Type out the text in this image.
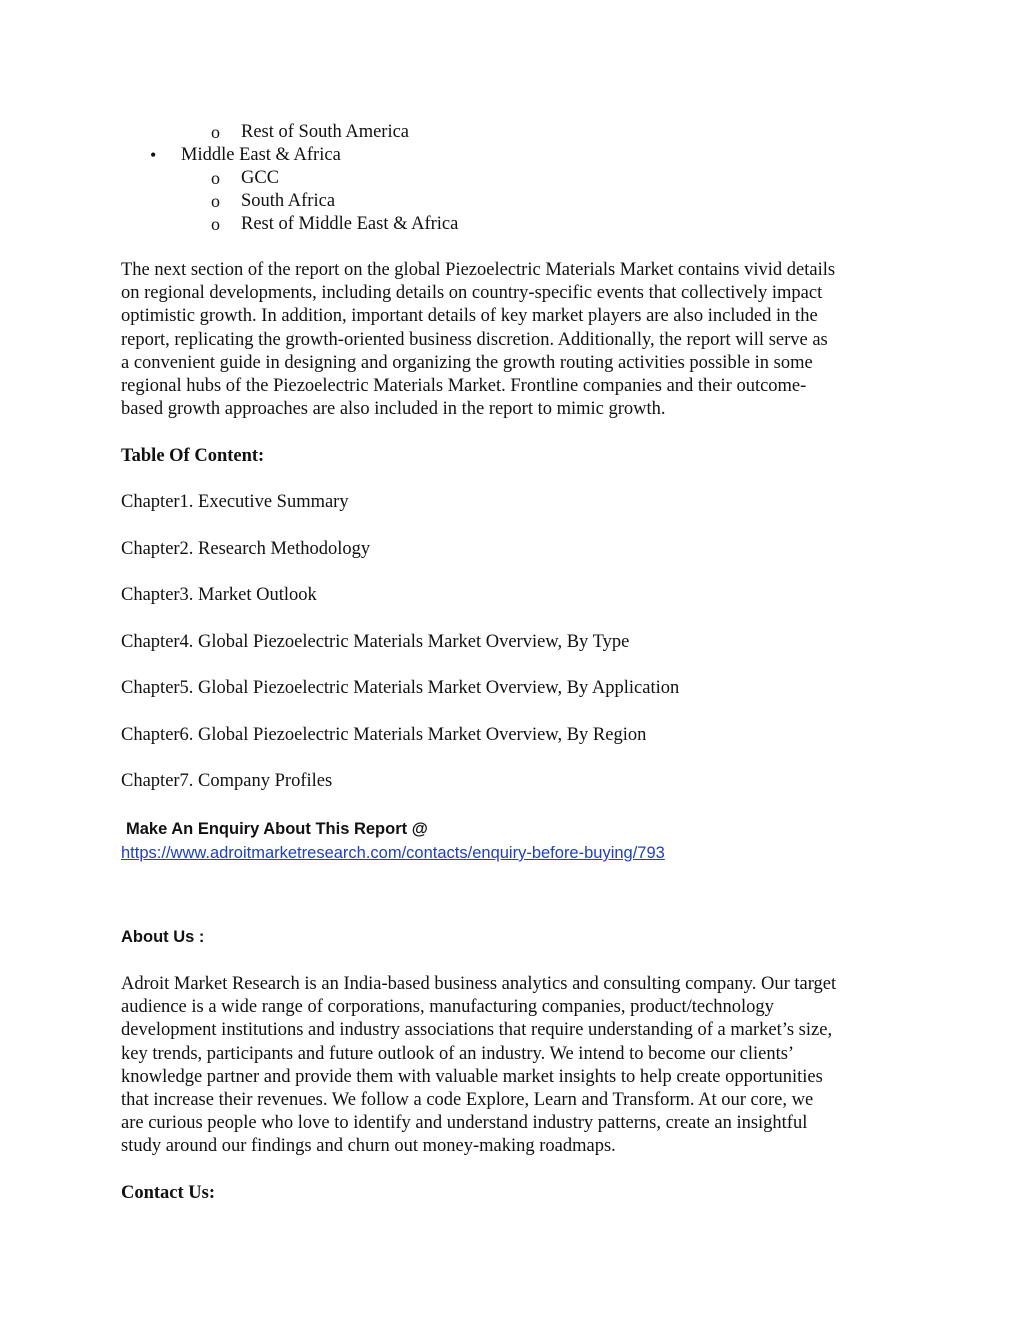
o Rest of South America
• Middle East & Africa
o GCC
o South Africa
o Rest of Middle East & Africa
The next section of the report on the global Piezoelectric Materials Market contains vivid details
on regional developments, including details on country-specific events that collectively impact
optimistic growth. In addition, important details of key market players are also included in the
report, replicating the growth-oriented business discretion. Additionally, the report will serve as
a convenient guide in designing and organizing the growth routing activities possible in some
regional hubs of the Piezoelectric Materials Market. Frontline companies and their outcome-
based growth approaches are also included in the report to mimic growth.
Table Of Content:
Chapter1. Executive Summary
Chapter2. Research Methodology
Chapter3. Market Outlook
Chapter4. Global Piezoelectric Materials Market Overview, By Type
Chapter5. Global Piezoelectric Materials Market Overview, By Application
Chapter6. Global Piezoelectric Materials Market Overview, By Region
Chapter7. Company Profiles
Make An Enquiry About This Report @
https://www.adroitmarketresearch.com/contacts/enquiry-before-buying/793
About Us :
Adroit Market Research is an India-based business analytics and consulting company. Our target
audience is a wide range of corporations, manufacturing companies, product/technology
development institutions and industry associations that require understanding of a market’s size,
key trends, participants and future outlook of an industry. We intend to become our clients’
knowledge partner and provide them with valuable market insights to help create opportunities
that increase their revenues. We follow a code Explore, Learn and Transform. At our core, we
are curious people who love to identify and understand industry patterns, create an insightful
study around our findings and churn out money-making roadmaps.
Contact Us:
